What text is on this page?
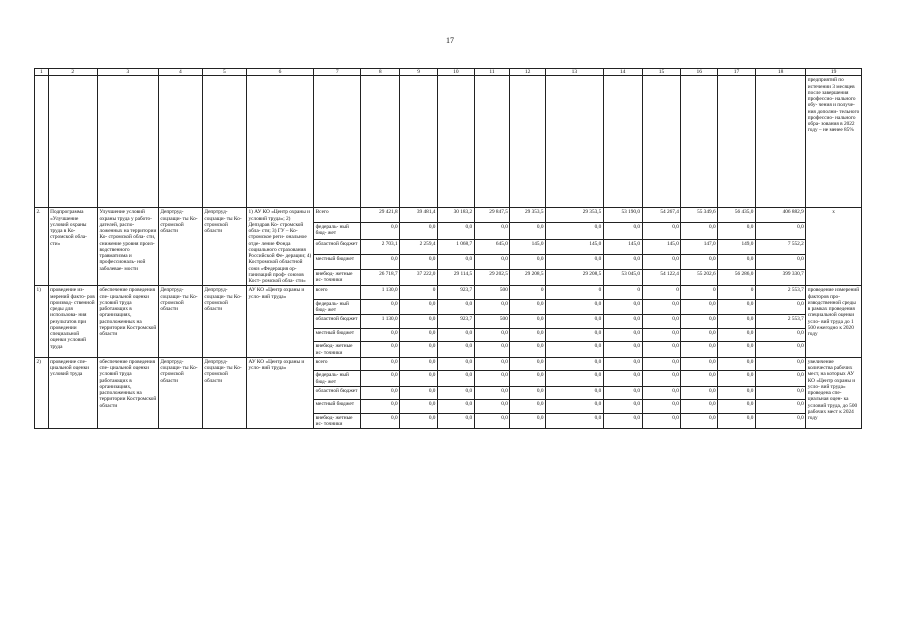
17
1	2	3	4	5	6	7	8	9	10	11	12	13	14	15	16	17	18	19
																		предприятий по истечении 3 месяцев после завершения профессио- нального обу- чения и получе- ния дополни- тельного профессио- нального обра- зования в 2022 году – не менее 85%
2.	Подпрограмма «Улучшение условий охраны труда в Ко- стромской обла- сти»	Улучшение условий охраны труда у работо- дателей, распо- ложенных на территории Ко- стромской обла- сти, снижение уровня произ- водственного травматизма и профессиональ- ной заболевае- мости	Депртруд- соцзащи- ты Ко- стромской области	Депртруд- соцзащи- ты Ко- стромской области	1) АУ КО «Центр охраны и условий труда»; 2) Депздрав Ко- стромской обла- сти; 3) ГУ – Ко- стромское реги- ональное отде- ление Фонда социального страхования Российской Фе- дерации; 4) Костромской областной союз «Федерация ор- ганизаций проф- союзов Кост- ромской обла- сти»	Всего	29 421,8	39 481,4	30 183,2	29 847,5	29 353,5	29 353,5	53 190,0	54 267,4	55 349,6	56 435,0	406 882,9	x
						федераль- ный бюд- жет	0,0	0,0	0,0	0,0	0,0	0,0	0,0	0,0	0,0	0,0	0,0	
						областной бюджет	2 703,1	2 259,4	1 068,7	645,0	145,0	145,0	145,0	145,0	147,0	149,0	7 552,2	
						местный бюджет	0,0	0,0	0,0	0,0	0,0	0,0	0,0	0,0	0,0	0,0	0,0	
						внебюд- жетные ис- точники	26 718,7	37 222,0	29 114,5	29 202,5	29 208,5	29 208,5	53 045,0	54 122,4	55 202,6	56 286,0	399 330,7	
1)	проведение из- мерений факто- ров производ- ственной среды для использова- ния результатов при проведении специальной оценки условий труда	обеспечение проведения спе- циальной оценки условий труда работающих в организациях, расположенных на территории Костромской области	Депртруд- соцзащи- ты Ко- стромской области	Депртруд- соцзащи- ты Ко- стромской области	АУ КО «Центр охраны и усло- вий труда»	всего	1 130,0	0	923,7	500	0	0	0	0	0	0	2 553,7	проведение измерений факторов про- изводственной среды в рамках проведения специальной оценки усло- вий труда до 1 500 ежегодно к 2020 году
						федераль- ный бюд- жет	0,0	0,0	0,0	0,0	0,0	0,0	0,0	0,0	0,0	0,0	0,0	
						областной бюджет	1 130,0	0,0	923,7	500	0,0	0,0	0,0	0,0	0,0	0,0	2 553,7	
						местный бюджет	0,0	0,0	0,0	0,0	0,0	0,0	0,0	0,0	0,0	0,0	0,0	
						внебюд- жетные ис- точники	0,0	0,0	0,0	0,0	0,0	0,0	0,0	0,0	0,0	0,0	0,0	
2)	проведение спе- циальной оценки условий труда	обеспечение проведения спе- циальной оценки условий труда работающих в организациях, расположенных на территории Костромской области	Депртруд- соцзащи- ты Ко- стромской области	Депртруд- соцзащи- ты Ко- стромской области	АУ КО «Центр охраны и усло- вий труда»	всего	0,0	0,0	0,0	0,0	0,0	0,0	0,0	0,0	0,0	0,0	0,0	увеличение количества рабочих мест, на которых АУ КО «Центр охраны и усло- вий труда» проведена спе- циальная оцен- ка условий труда, до 500 рабочих мест к 2024 году
						федераль- ный бюд- жет	0,0	0,0	0,0	0,0	0,0	0,0	0,0	0,0	0,0	0,0	0,0	
						областной бюджет	0,0	0,0	0,0	0,0	0,0	0,0	0,0	0,0	0,0	0,0	0,0	
						местный бюджет	0,0	0,0	0,0	0,0	0,0	0,0	0,0	0,0	0,0	0,0	0,0	
						внебюд- жетные ис- точники	0,0	0,0	0,0	0,0	0,0	0,0	0,0	0,0	0,0	0,0	0,0	
